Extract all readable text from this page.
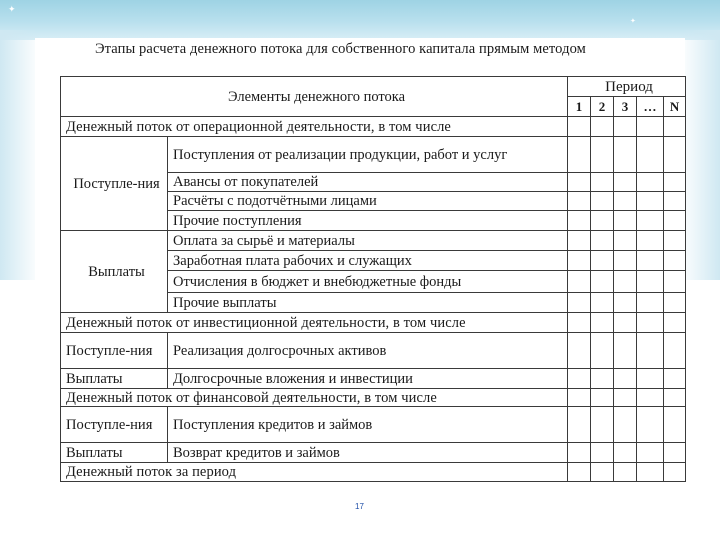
✦
✦
Этапы расчета денежного потока для собственного капитала прямым методом
Элементы денежного потока		Период				
		1	2	3	…	N
Денежный поток от операционной деятельности, в том числе						
Поступле-ния	Поступления от реализации продукции, работ и услуг					
	Авансы от покупателей					
	Расчёты с подотчётными лицами					
	Прочие поступления					
Выплаты	Оплата за сырьё и материалы					
	Заработная плата рабочих и служащих					
	Отчисления в бюджет и внебюджетные фонды					
	Прочие выплаты					
Денежный поток от инвестиционной деятельности, в том числе						
Поступле-ния	Реализация долгосрочных активов					
Выплаты	Долгосрочные вложения и инвестиции					
Денежный поток от финансовой деятельности, в том числе						
Поступле-ния	Поступления кредитов и займов					
Выплаты	Возврат кредитов и займов					
Денежный поток за период						
17
